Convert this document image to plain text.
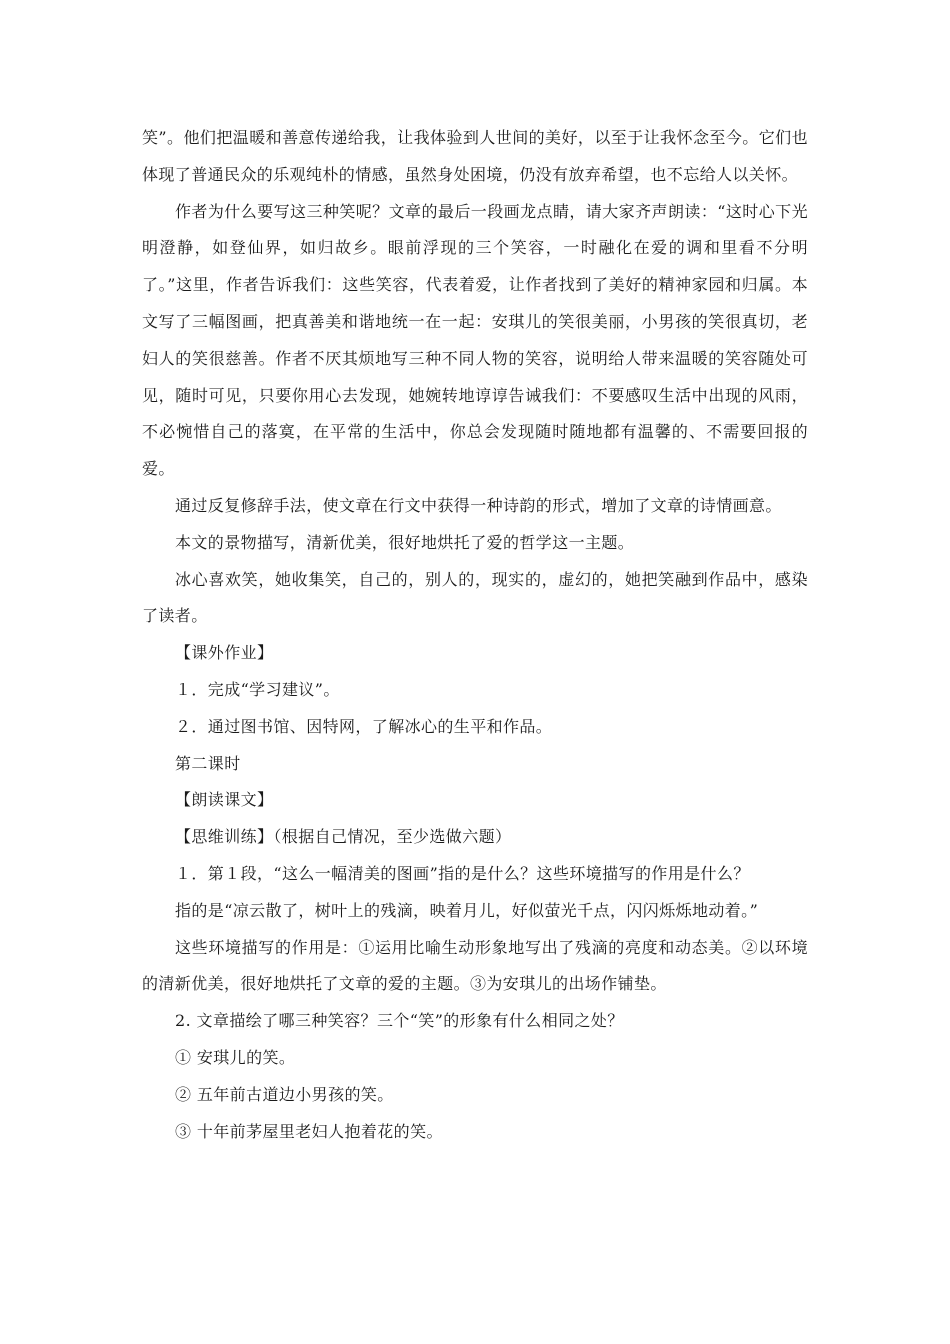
笑”。他们把温暖和善意传递给我，让我体验到人世间的美好，以至于让我怀念至今。它们也体现了普通民众的乐观纯朴的情感，虽然身处困境，仍没有放弃希望，也不忘给人以关怀。

作者为什么要写这三种笑呢？文章的最后一段画龙点睛，请大家齐声朗读：“这时心下光明澄静，如登仙界，如归故乡。眼前浮现的三个笑容，一时融化在爱的调和里看不分明了。”这里，作者告诉我们：这些笑容，代表着爱，让作者找到了美好的精神家园和归属。本文写了三幅图画，把真善美和谐地统一在一起：安琪儿的笑很美丽，小男孩的笑很真切，老妇人的笑很慈善。作者不厌其烦地写三种不同人物的笑容，说明给人带来温暖的笑容随处可见，随时可见，只要你用心去发现，她婉转地谆谆告诫我们：不要感叹生活中出现的风雨，不必惋惜自己的落寞，在平常的生活中，你总会发现随时随地都有温馨的、不需要回报的爱。

通过反复修辞手法，使文章在行文中获得一种诗韵的形式，增加了文章的诗情画意。

本文的景物描写，清新优美，很好地烘托了爱的哲学这一主题。

冰心喜欢笑，她收集笑，自己的，别人的，现实的，虚幻的，她把笑融到作品中，感染了读者。

【课外作业】

１．完成“学习建议”。

２．通过图书馆、因特网，了解冰心的生平和作品。

第二课时

【朗读课文】

【思维训练】（根据自己情况，至少选做六题）

１．第１段，“这么一幅清美的图画”指的是什么？这些环境描写的作用是什么？

指的是“凉云散了，树叶上的残滴，映着月儿，好似萤光千点，闪闪烁烁地动着。”

这些环境描写的作用是：①运用比喻生动形象地写出了残滴的亮度和动态美。②以环境的清新优美，很好地烘托了文章的爱的主题。③为安琪儿的出场作铺垫。

2. 文章描绘了哪三种笑容？三个“笑”的形象有什么相同之处？

① 安琪儿的笑。

② 五年前古道边小男孩的笑。

③ 十年前茅屋里老妇人抱着花的笑。
